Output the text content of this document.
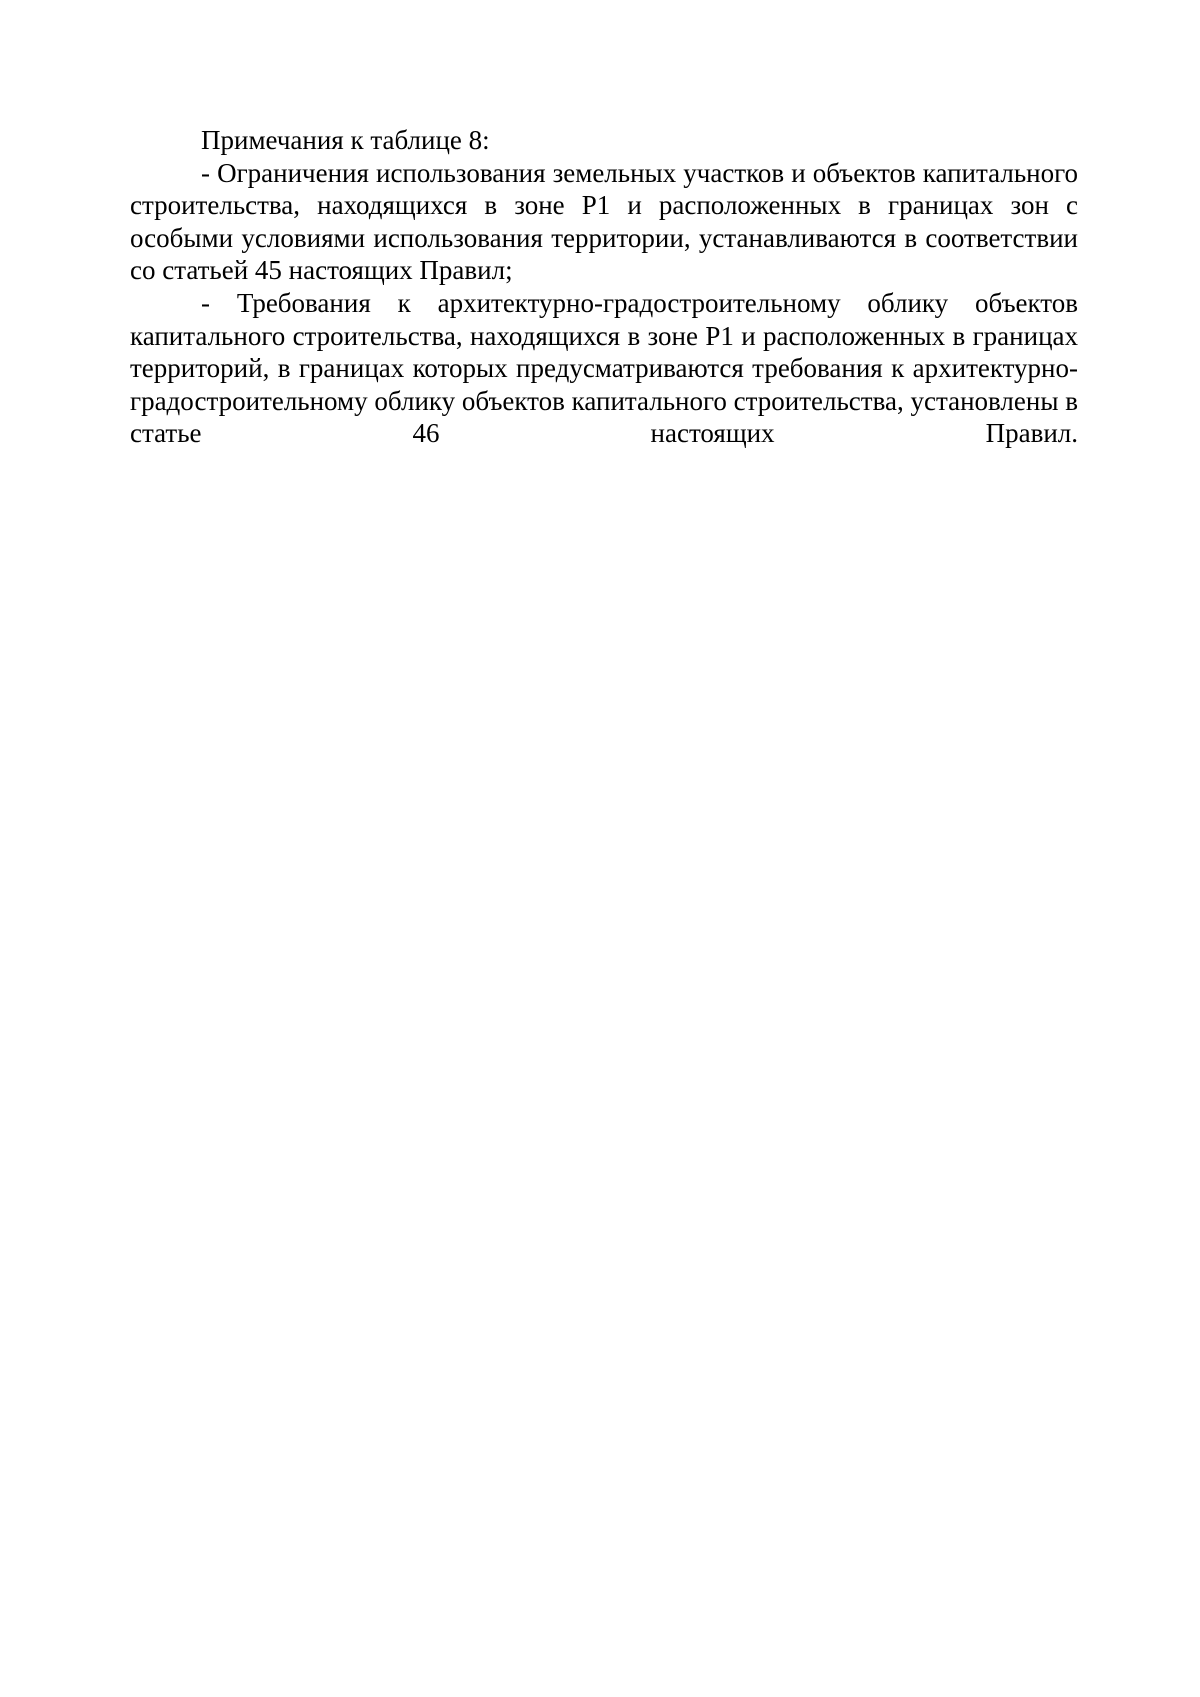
Примечания к таблице 8:

- Ограничения использования земельных участков и объектов капитального строительства, находящихся в зоне Р1 и расположенных в границах зон с особыми условиями использования территории, устанавливаются в соответствии со статьей 45 настоящих Правил;

- Требования к архитектурно-градостроительному облику объектов капитального строительства, находящихся в зоне Р1 и расположенных в границах территорий, в границах которых предусматриваются требования к архитектурно-градостроительному облику объектов капитального строительства, установлены в статье 46 настоящих Правил.
